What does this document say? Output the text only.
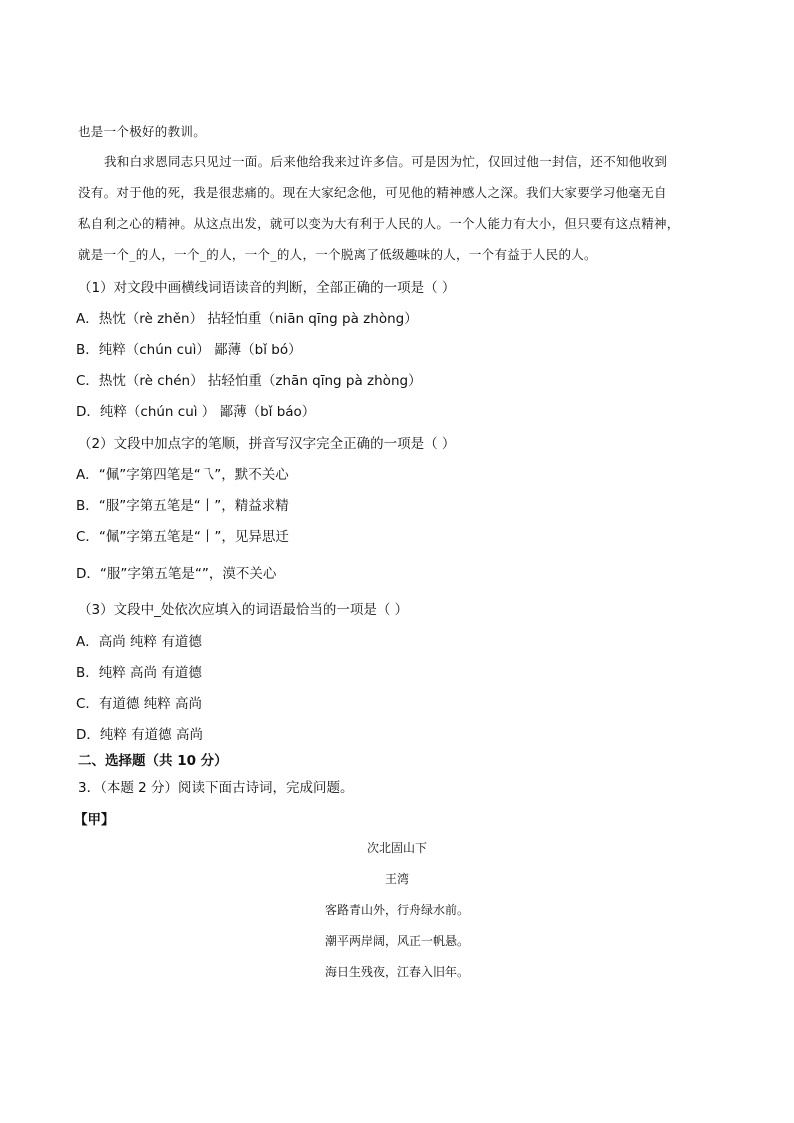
也是一个极好的教训。
我和白求恩同志只见过一面。后来他给我来过许多信。可是因为忙，仅回过他一封信，还不知他收到
没有。对于他的死，我是很悲痛的。现在大家纪念他，可见他的精神感人之深。我们大家要学习他毫无自
私自利之心的精神。从这点出发，就可以变为大有利于人民的人。一个人能力有大小，但只要有这点精神，
就是一个_的人，一个_的人，一个_的人，一个脱离了低级趣味的人，一个有益于人民的人。
（1）对文段中画横线词语读音的判断，全部正确的一项是（ ）
A．热忱（rè zhěn） 拈轻怕重（niān qīng pà zhòng）
B．纯粹（chún cuì） 鄙薄（bǐ bó）
C．热忱（rè chén） 拈轻怕重（zhān qīng pà zhòng）
D．纯粹（chún cuì ） 鄙薄（bǐ báo）
（2）文段中加点字的笔顺，拼音写汉字完全正确的一项是（ ）
A．“佩”字第四笔是“乁”，默不关心
B．“服”字第五笔是“丨”，精益求精
C．“佩”字第五笔是“丨”，见异思迁
D．“服”字第五笔是“”，漠不关心
（3）文段中_处依次应填入的词语最恰当的一项是（ ）
A．高尚 纯粹 有道德
B．纯粹 高尚 有道德
C．有道德 纯粹 高尚
D．纯粹 有道德 高尚
二、选择题（共 10 分）
3．（本题 2 分）阅读下面古诗词，完成问题。
【甲】
次北固山下
王湾
客路青山外，行舟绿水前。
潮平两岸阔，风正一帆悬。
海日生残夜，江春入旧年。
